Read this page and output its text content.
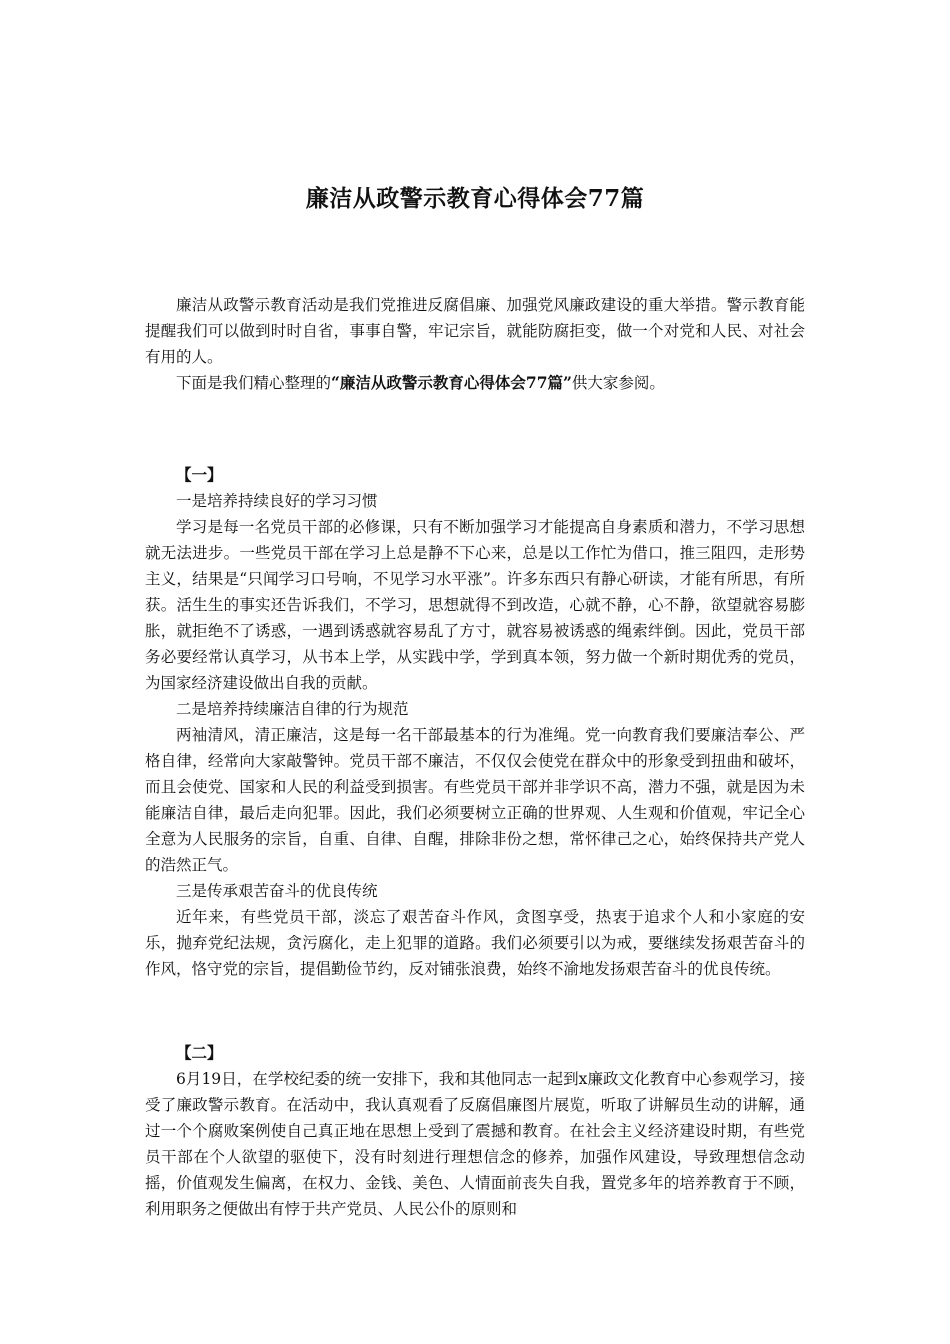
廉洁从政警示教育心得体会77篇

廉洁从政警示教育活动是我们党推进反腐倡廉、加强党风廉政建设的重大举措。警示教育能提醒我们可以做到时时自省，事事自警，牢记宗旨，就能防腐拒变，做一个对党和人民、对社会有用的人。

下面是我们精心整理的“廉洁从政警示教育心得体会77篇”供大家参阅。

【一】

一是培养持续良好的学习习惯

学习是每一名党员干部的必修课，只有不断加强学习才能提高自身素质和潜力，不学习思想就无法进步。一些党员干部在学习上总是静不下心来，总是以工作忙为借口，推三阻四，走形势主义，结果是“只闻学习口号响，不见学习水平涨”。许多东西只有静心研读，才能有所思，有所获。活生生的事实还告诉我们，不学习，思想就得不到改造，心就不静，心不静，欲望就容易膨胀，就拒绝不了诱惑，一遇到诱惑就容易乱了方寸，就容易被诱惑的绳索绊倒。因此，党员干部务必要经常认真学习，从书本上学，从实践中学，学到真本领，努力做一个新时期优秀的党员，为国家经济建设做出自我的贡献。

二是培养持续廉洁自律的行为规范

两袖清风，清正廉洁，这是每一名干部最基本的行为准绳。党一向教育我们要廉洁奉公、严格自律，经常向大家敲警钟。党员干部不廉洁，不仅仅会使党在群众中的形象受到扭曲和破坏，而且会使党、国家和人民的利益受到损害。有些党员干部并非学识不高，潜力不强，就是因为未能廉洁自律，最后走向犯罪。因此，我们必须要树立正确的世界观、人生观和价值观，牢记全心全意为人民服务的宗旨，自重、自律、自醒，排除非份之想，常怀律己之心，始终保持共产党人的浩然正气。

三是传承艰苦奋斗的优良传统

近年来，有些党员干部，淡忘了艰苦奋斗作风，贪图享受，热衷于追求个人和小家庭的安乐，抛弃党纪法规，贪污腐化，走上犯罪的道路。我们必须要引以为戒，要继续发扬艰苦奋斗的作风，恪守党的宗旨，提倡勤俭节约，反对铺张浪费，始终不渝地发扬艰苦奋斗的优良传统。

【二】

6月19日，在学校纪委的统一安排下，我和其他同志一起到x廉政文化教育中心参观学习，接受了廉政警示教育。在活动中，我认真观看了反腐倡廉图片展览，听取了讲解员生动的讲解，通过一个个腐败案例使自己真正地在思想上受到了震撼和教育。在社会主义经济建设时期，有些党员干部在个人欲望的驱使下，没有时刻进行理想信念的修养，加强作风建设，导致理想信念动摇，价值观发生偏离，在权力、金钱、美色、人情面前丧失自我，置党多年的培养教育于不顾，利用职务之便做出有悖于共产党员、人民公仆的原则和
